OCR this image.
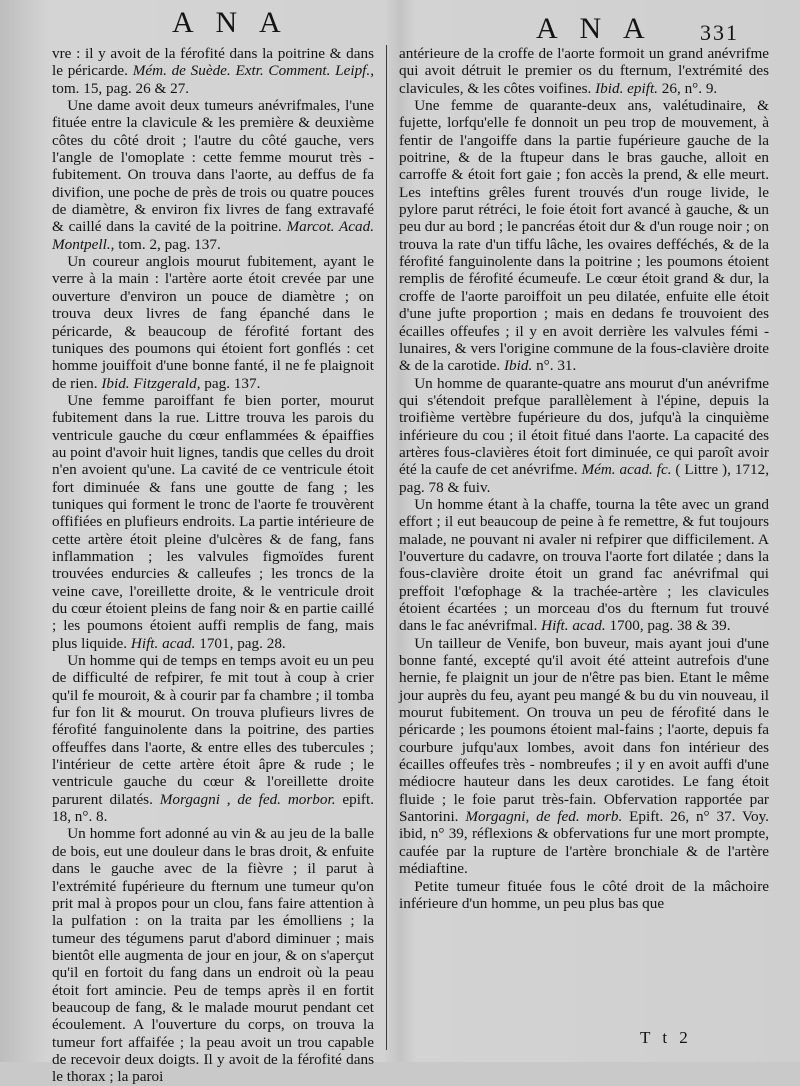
A N A	A N A 331

vre : il y avoit de la férofité dans la poitrine & dans le péricarde. Mém. de Suède. Extr. Comment. Leipf., tom. 15, pag. 26 & 27.

Une dame avoit deux tumeurs anévrifmales, l'une fituée entre la clavicule & les première & deuxième côtes du côté droit ; l'autre du côté gauche, vers l'angle de l'omoplate : cette femme mourut très - fubitement. On trouva dans l'aorte, au deffus de fa divifion, une poche de près de trois ou quatre pouces de diamètre, & environ fix livres de fang extravafé & caillé dans la cavité de la poitrine. Marcot. Acad. Montpell., tom. 2, pag. 137.

Un coureur anglois mourut fubitement, ayant le verre à la main : l'artère aorte étoit crevée par une ouverture d'environ un pouce de diamètre ; on trouva deux livres de fang épanché dans le péricarde, & beaucoup de férofité fortant des tuniques des poumons qui étoient fort gonflés : cet homme jouiffoit d'une bonne fanté, il ne fe plaignoit de rien. Ibid. Fitzgerald, pag. 137.

Une femme paroiffant fe bien porter, mourut fubitement dans la rue. Littre trouva les parois du ventricule gauche du cœur enflammées & épaiffies au point d'avoir huit lignes, tandis que celles du droit n'en avoient qu'une. La cavité de ce ventricule étoit fort diminuée & fans une goutte de fang ; les tuniques qui forment le tronc de l'aorte fe trouvèrent offifiées en plufieurs endroits. La partie intérieure de cette artère étoit pleine d'ulcères & de fang, fans inflammation ; les valvules figmoïdes furent trouvées endurcies & calleufes ; les troncs de la veine cave, l'oreillette droite, & le ventricule droit du cœur étoient pleins de fang noir & en partie caillé ; les poumons étoient auffi remplis de fang, mais plus liquide. Hift. acad. 1701, pag. 28.

Un homme qui de temps en temps avoit eu un peu de difficulté de refpirer, fe mit tout à coup à crier qu'il fe mouroit, & à courir par fa chambre ; il tomba fur fon lit & mourut. On trouva plufieurs livres de férofité fanguinolente dans la poitrine, des parties offeuffes dans l'aorte, & entre elles des tubercules ; l'intérieur de cette artère étoit âpre & rude ; le ventricule gauche du cœur & l'oreillette droite parurent dilatés. Morgagni , de fed. morbor. epift. 18, n°. 8.

Un homme fort adonné au vin & au jeu de la balle de bois, eut une douleur dans le bras droit, & enfuite dans le gauche avec de la fièvre ; il parut à l'extrémité fupérieure du fternum une tumeur qu'on prit mal à propos pour un clou, fans faire attention à la pulfation : on la traita par les émolliens ; la tumeur des tégumens parut d'abord diminuer ; mais bientôt elle augmenta de jour en jour, & on s'aperçut qu'il en fortoit du fang dans un endroit où la peau étoit fort amincie. Peu de temps après il en fortit beaucoup de fang, & le malade mourut pendant cet écoulement. A l'ouverture du corps, on trouva la tumeur fort affaifée ; la peau avoit un trou capable de recevoir deux doigts. Il y avoit de la férofité dans le thorax ; la paroi

antérieure de la croffe de l'aorte formoit un grand anévrifme qui avoit détruit le premier os du fternum, l'extrémité des clavicules, & les côtes voifines. Ibid. epift. 26, n°. 9.

Une femme de quarante-deux ans, valétudinaire, & fujette, lorfqu'elle fe donnoit un peu trop de mouvement, à fentir de l'angoiffe dans la partie fupérieure gauche de la poitrine, & de la ftupeur dans le bras gauche, alloit en carroffe & étoit fort gaie ; fon accès la prend, & elle meurt. Les inteftins grêles furent trouvés d'un rouge livide, le pylore parut rétréci, le foie étoit fort avancé à gauche, & un peu dur au bord ; le pancréas étoit dur & d'un rouge noir ; on trouva la rate d'un tiffu lâche, les ovaires defféchés, & de la férofité fanguinolente dans la poitrine ; les poumons étoient remplis de férofité écumeufe. Le cœur étoit grand & dur, la croffe de l'aorte paroiffoit un peu dilatée, enfuite elle étoit d'une jufte proportion ; mais en dedans fe trouvoient des écailles offeufes ; il y en avoit derrière les valvules fémi - lunaires, & vers l'origine commune de la fous-clavière droite & de la carotide. Ibid. n°. 31.

Un homme de quarante-quatre ans mourut d'un anévrifme qui s'étendoit prefque parallèlement à l'épine, depuis la troifième vertèbre fupérieure du dos, jufqu'à la cinquième inférieure du cou ; il étoit fitué dans l'aorte. La capacité des artères fous-clavières étoit fort diminuée, ce qui paroît avoir été la caufe de cet anévrifme. Mém. acad. fc. ( Littre ), 1712, pag. 78 & fuiv.

Un homme étant à la chaffe, tourna la tête avec un grand effort ; il eut beaucoup de peine à fe remettre, & fut toujours malade, ne pouvant ni avaler ni refpirer que difficilement. A l'ouverture du cadavre, on trouva l'aorte fort dilatée ; dans la fous-clavière droite étoit un grand fac anévrifmal qui preffoit l'œfophage & la trachée-artère ; les clavicules étoient écartées ; un morceau d'os du fternum fut trouvé dans le fac anévrifmal. Hift. acad. 1700, pag. 38 & 39.

Un tailleur de Venife, bon buveur, mais ayant joui d'une bonne fanté, excepté qu'il avoit été atteint autrefois d'une hernie, fe plaignit un jour de n'être pas bien. Etant le même jour auprès du feu, ayant peu mangé & bu du vin nouveau, il mourut fubitement. On trouva un peu de férofité dans le péricarde ; les poumons étoient mal-fains ; l'aorte, depuis fa courbure jufqu'aux lombes, avoit dans fon intérieur des écailles offeufes très - nombreufes ; il y en avoit auffi d'une médiocre hauteur dans les deux carotides. Le fang étoit fluide ; le foie parut très-fain. Obfervation rapportée par Santorini. Morgagni, de fed. morb. Epift. 26, n° 37. Voy. ibid, n° 39, réflexions & obfervations fur une mort prompte, caufée par la rupture de l'artère bronchiale & de l'artère médiaftine.

Petite tumeur fituée fous le côté droit de la mâchoire inférieure d'un homme, un peu plus bas que

T t 2
